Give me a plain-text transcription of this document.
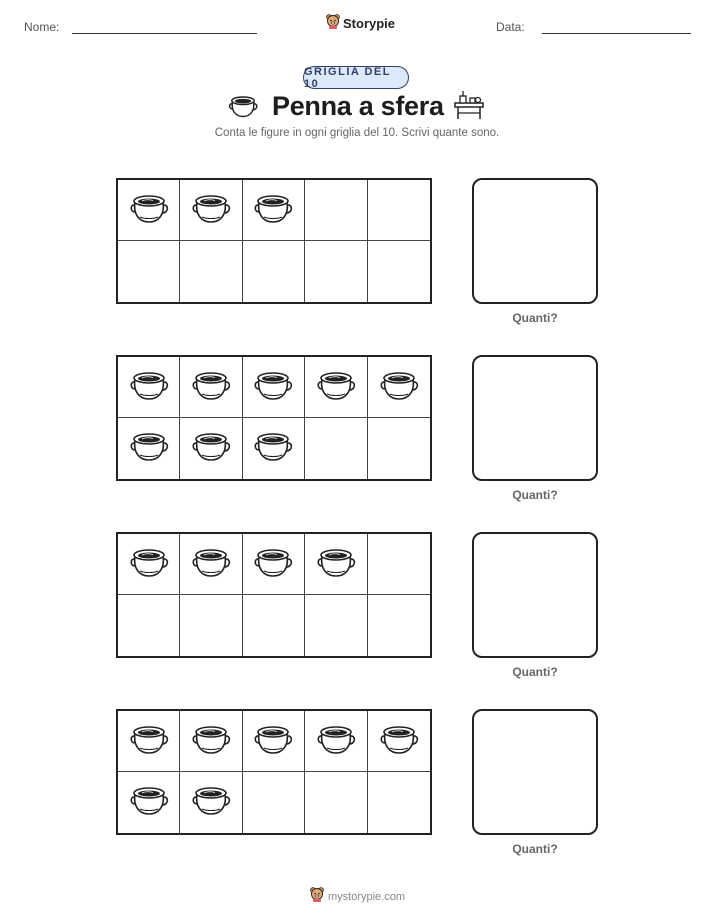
Nome:	Storypie	Data:
GRIGLIA DEL 10
Penna a sfera
Conta le figure in ogni griglia del 10. Scrivi quante sono.
Quanti?
Quanti?
Quanti?
Quanti?
mystorypie.com
